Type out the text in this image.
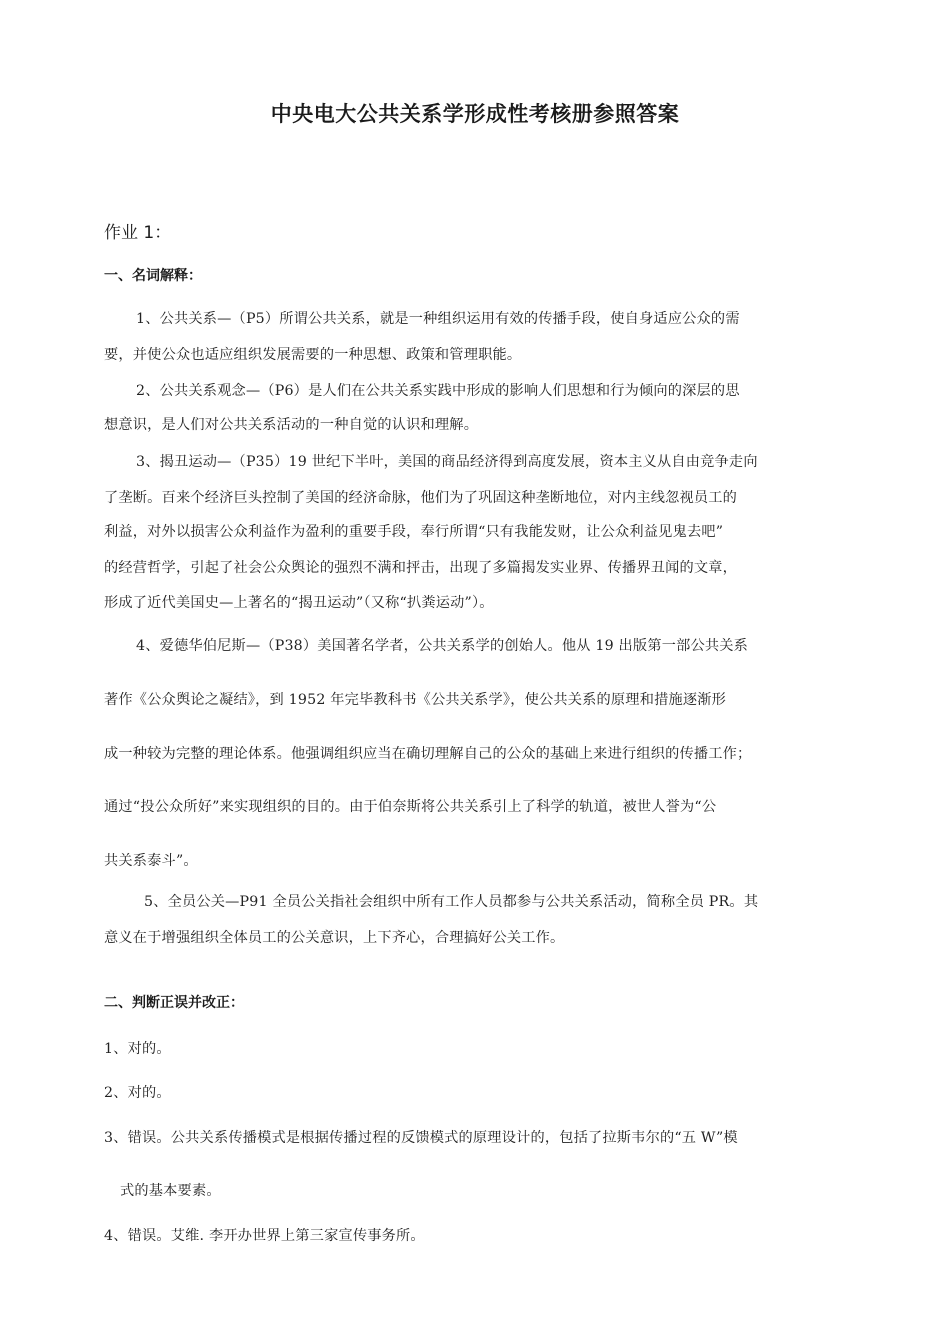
中央电大公共关系学形成性考核册参照答案
作业 1：
一、名词解释：
1、公共关系—（P5）所谓公共关系，就是一种组织运用有效的传播手段，使自身适应公众的需
要，并使公众也适应组织发展需要的一种思想、政策和管理职能。
2、公共关系观念—（P6）是人们在公共关系实践中形成的影响人们思想和行为倾向的深层的思
想意识，是人们对公共关系活动的一种自觉的认识和理解。
3、揭丑运动—（P35）19 世纪下半叶，美国的商品经济得到高度发展，资本主义从自由竞争走向
了垄断。百来个经济巨头控制了美国的经济命脉，他们为了巩固这种垄断地位，对内主线忽视员工的
利益，对外以损害公众利益作为盈利的重要手段，奉行所谓“只有我能发财，让公众利益见鬼去吧”
的经营哲学，引起了社会公众舆论的强烈不满和抨击，出现了多篇揭发实业界、传播界丑闻的文章，
形成了近代美国史—上著名的“揭丑运动”（又称“扒粪运动”）。
4、爱德华伯尼斯—（P38）美国著名学者，公共关系学的创始人。他从 19 出版第一部公共关系
著作《公众舆论之凝结》，到 1952 年完毕教科书《公共关系学》，使公共关系的原理和措施逐渐形
成一种较为完整的理论体系。他强调组织应当在确切理解自己的公众的基础上来进行组织的传播工作；
通过“投公众所好”来实现组织的目的。由于伯奈斯将公共关系引上了科学的轨道，被世人誉为“公
共关系泰斗”。
5、全员公关—P91 全员公关指社会组织中所有工作人员都参与公共关系活动，简称全员 PR。其
意义在于增强组织全体员工的公关意识，上下齐心，合理搞好公关工作。
二、判断正误并改正：
1、对的。
2、对的。
3、错误。公共关系传播模式是根据传播过程的反馈模式的原理设计的，包括了拉斯韦尔的“五 W”模
式的基本要素。
4、错误。艾维. 李开办世界上第三家宣传事务所。
